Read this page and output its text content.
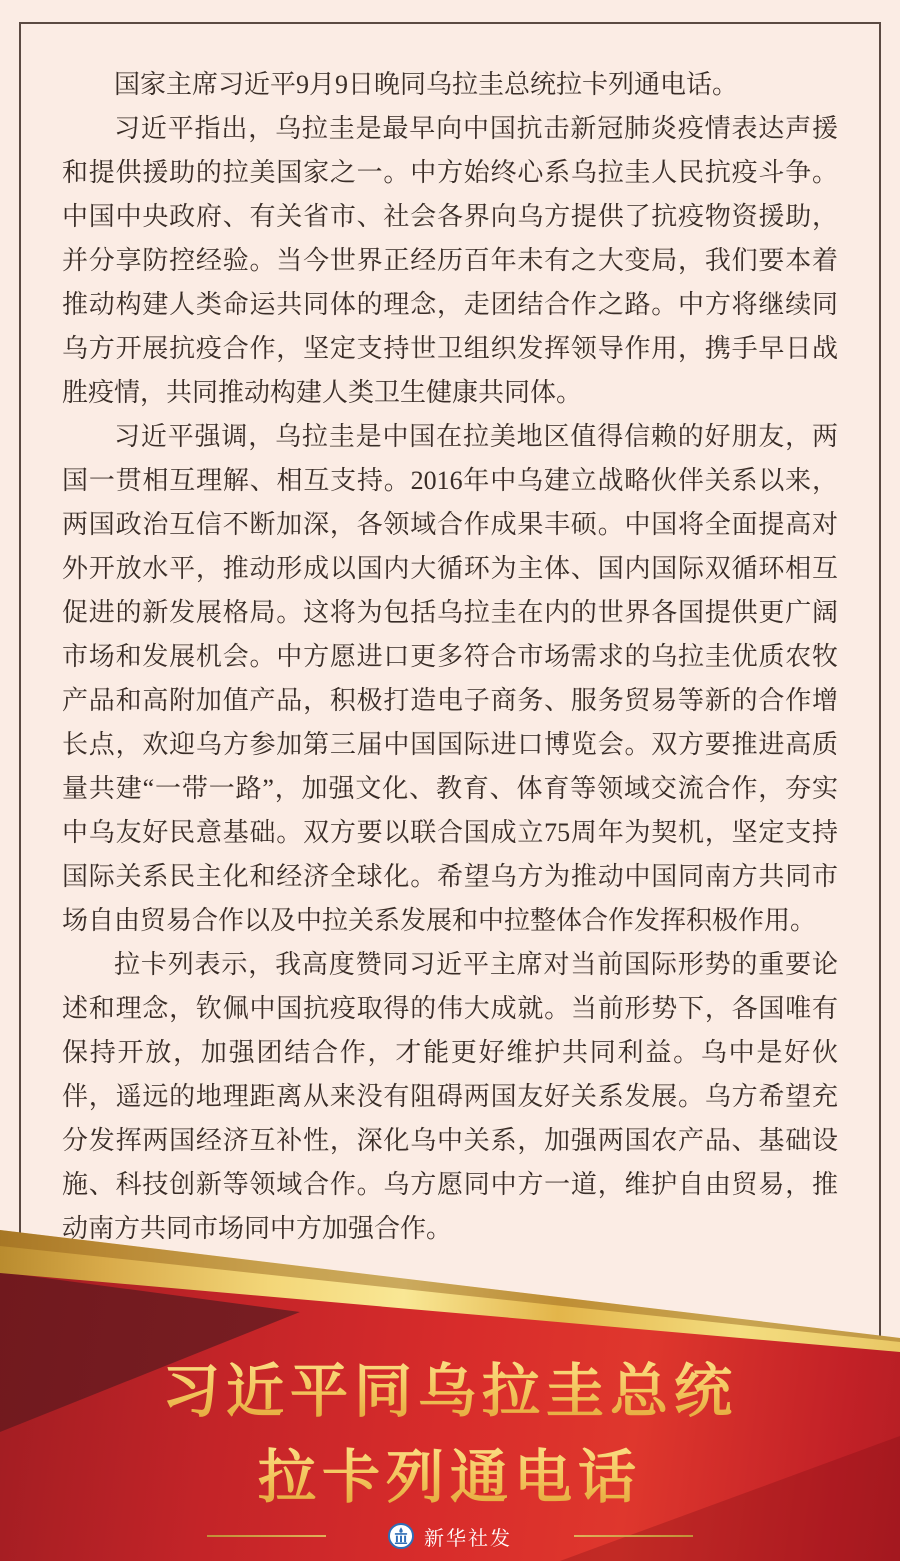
国家主席习近平9月9日晚同乌拉圭总统拉卡列通电话。

习近平指出，乌拉圭是最早向中国抗击新冠肺炎疫情表达声援和提供援助的拉美国家之一。中方始终心系乌拉圭人民抗疫斗争。中国中央政府、有关省市、社会各界向乌方提供了抗疫物资援助，并分享防控经验。当今世界正经历百年未有之大变局，我们要本着推动构建人类命运共同体的理念，走团结合作之路。中方将继续同乌方开展抗疫合作，坚定支持世卫组织发挥领导作用，携手早日战胜疫情，共同推动构建人类卫生健康共同体。

习近平强调，乌拉圭是中国在拉美地区值得信赖的好朋友，两国一贯相互理解、相互支持。2016年中乌建立战略伙伴关系以来，两国政治互信不断加深，各领域合作成果丰硕。中国将全面提高对外开放水平，推动形成以国内大循环为主体、国内国际双循环相互促进的新发展格局。这将为包括乌拉圭在内的世界各国提供更广阔市场和发展机会。中方愿进口更多符合市场需求的乌拉圭优质农牧产品和高附加值产品，积极打造电子商务、服务贸易等新的合作增长点，欢迎乌方参加第三届中国国际进口博览会。双方要推进高质量共建“一带一路”，加强文化、教育、体育等领域交流合作，夯实中乌友好民意基础。双方要以联合国成立75周年为契机，坚定支持国际关系民主化和经济全球化。希望乌方为推动中国同南方共同市场自由贸易合作以及中拉关系发展和中拉整体合作发挥积极作用。

拉卡列表示，我高度赞同习近平主席对当前国际形势的重要论述和理念，钦佩中国抗疫取得的伟大成就。当前形势下，各国唯有保持开放，加强团结合作，才能更好维护共同利益。乌中是好伙伴，遥远的地理距离从来没有阻碍两国友好关系发展。乌方希望充分发挥两国经济互补性，深化乌中关系，加强两国农产品、基础设施、科技创新等领域合作。乌方愿同中方一道，维护自由贸易，推动南方共同市场同中方加强合作。

习近平同乌拉圭总统
拉卡列通电话
新华社发
